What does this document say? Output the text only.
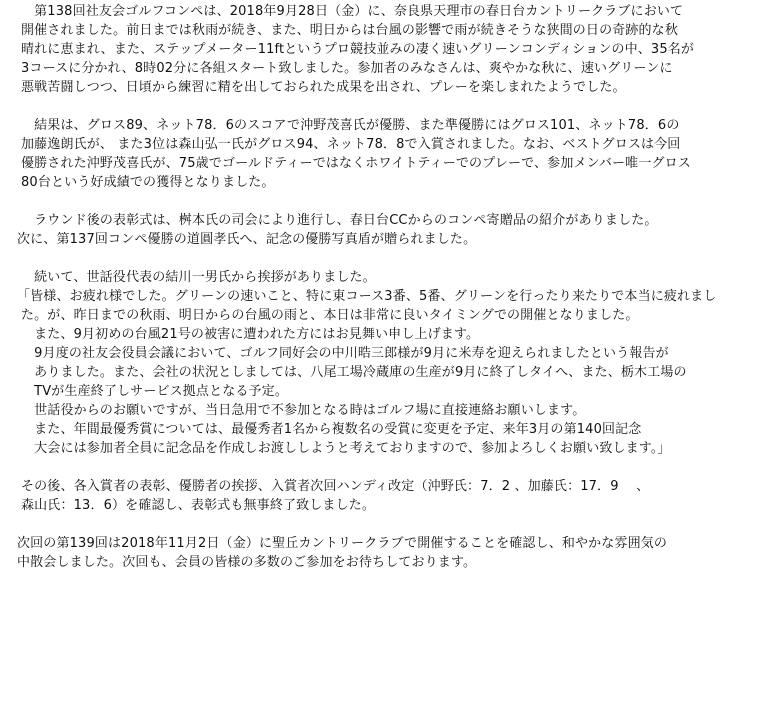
　第138回社友会ゴルフコンペは、2018年9月28日（金）に、奈良県天理市の春日台カントリークラブにおいて
開催されました。前日までは秋雨が続き、また、明日からは台風の影響で雨が続きそうな狭間の日の奇跡的な秋
晴れに恵まれ、また、ステップメーター11ftというプロ競技並みの凄く速いグリーンコンディションの中、35名が
3コースに分かれ、8時02分に各組スタート致しました。参加者のみなさんは、爽やかな秋に、速いグリーンに
悪戦苦闘しつつ、日頃から練習に精を出しておられた成果を出され、プレーを楽しまれたようでした。
　結果は、グロス89、ネット78．6のスコアで沖野茂喜氏が優勝、また準優勝にはグロス101、ネット78．6の
加藤逸朗氏が、 また3位は森山弘一氏がグロス94、ネット78．8で入賞されました。なお、ベストグロスは今回
優勝された沖野茂喜氏が、75歳でゴールドティーではなくホワイトティーでのプレーで、参加メンバー唯一グロス
80台という好成績での獲得となりました。
　ラウンド後の表彰式は、桝本氏の司会により進行し、春日台CCからのコンペ寄贈品の紹介がありました。
次に、第137回コンペ優勝の道圓孝氏へ、記念の優勝写真盾が贈られました。
　続いて、世話役代表の結川一男氏から挨拶がありました。
「皆様、お疲れ様でした。グリーンの速いこと、特に東コース3番、5番、グリーンを行ったり来たりで本当に疲れまし
た。が、昨日までの秋雨、明日からの台風の雨と、本日は非常に良いタイミングでの開催となりました。
　また、9月初めの台風21号の被害に遭われた方にはお見舞い申し上げます。
　9月度の社友会役員会議において、ゴルフ同好会の中川晧三郎様が9月に米寿を迎えられましたという報告が
　ありました。また、会社の状況としましては、八尾工場冷蔵庫の生産が9月に終了しタイへ、また、栃木工場の
　TVが生産終了しサービス拠点となる予定。
　世話役からのお願いですが、当日急用で不参加となる時はゴルフ場に直接連絡お願いします。
　また、年間最優秀賞については、最優秀者1名から複数名の受賞に変更を予定、来年3月の第140回記念
　大会には参加者全員に記念品を作成しお渡ししようと考えておりますので、参加よろしくお願い致します。」
その後、各入賞者の表彰、優勝者の挨拶、入賞者次回ハンディ改定（沖野氏：7．2 、加藤氏：17．9 　、
森山氏：13．6）を確認し、表彰式も無事終了致しました。
次回の第139回は2018年11月2日（金）に聖丘カントリークラブで開催することを確認し、和やかな雰囲気の
中散会しました。次回も、会員の皆様の多数のご参加をお待ちしております。
